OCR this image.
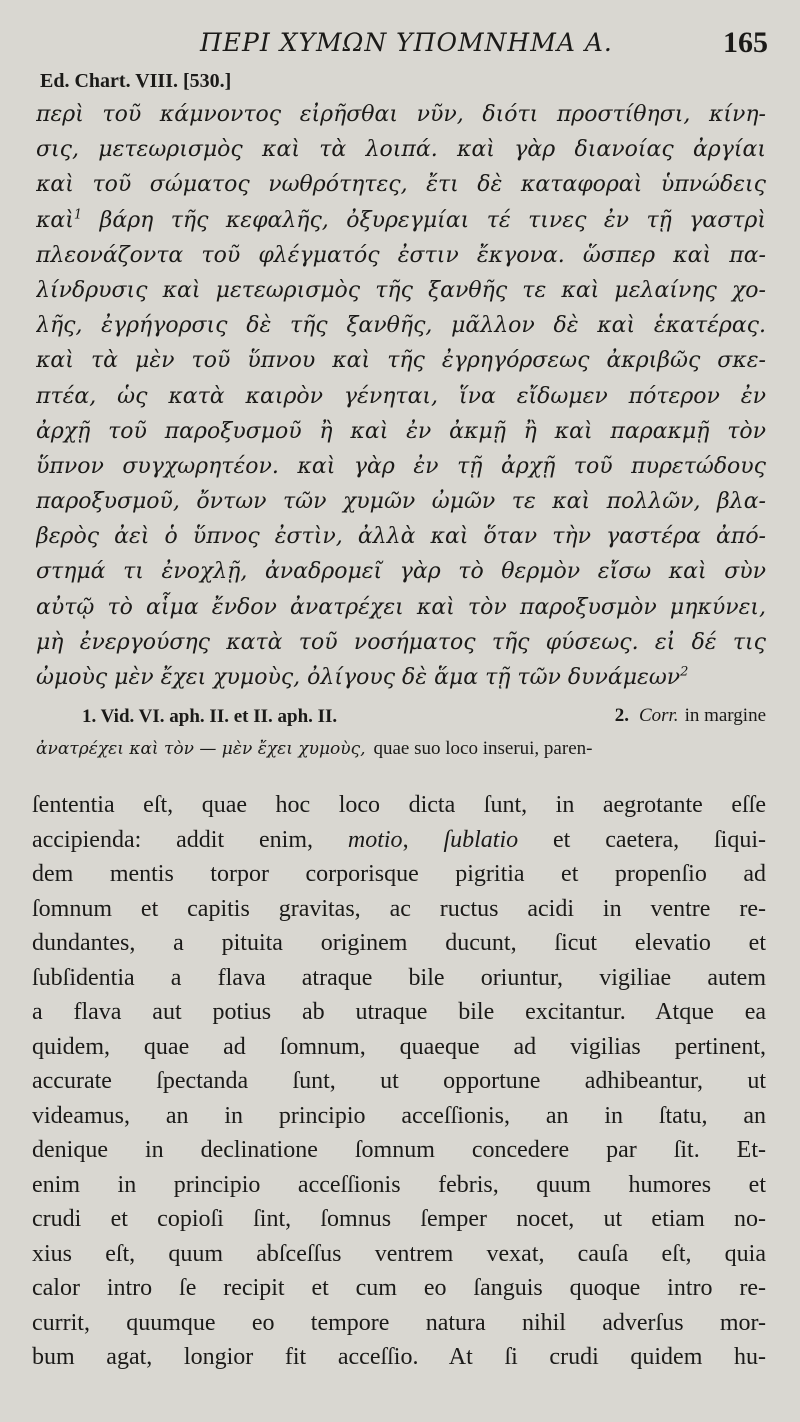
ΠΕΡΙ ΧΥΜΩΝ ΥΠΟΜΝΗΜΑ Α.	165
Ed. Chart. VIII. [530.]
περὶ τοῦ κάμνοντος εἰρῆσθαι νῦν, διότι προστίθησι, κίνη-
σις, μετεωρισμὸς καὶ τὰ λοιπά. καὶ γὰρ διανοίας ἀργίαι
καὶ τοῦ σώματος νωθρότητες, ἔτι δὲ καταφοραὶ ὑπνώδεις
καὶ$^1$ βάρη τῆς κεφαλῆς, ὀξυρεγμίαι τέ τινες ἐν τῇ γαστρὶ
πλεονάζοντα τοῦ φλέγματός ἐστιν ἔκγονα. ὥσπερ καὶ πα-
λίνδρυσις καὶ μετεωρισμὸς τῆς ξανθῆς τε καὶ μελαίνης χο-
λῆς, ἐγρήγορσις δὲ τῆς ξανθῆς, μᾶλλον δὲ καὶ ἑκατέρας.
καὶ τὰ μὲν τοῦ ὕπνου καὶ τῆς ἐγρηγόρσεως ἀκριβῶς σκε-
πτέα, ὡς κατὰ καιρὸν γένηται, ἵνα εἴδωμεν πότερον ἐν
ἀρχῇ τοῦ παροξυσμοῦ ἢ καὶ ἐν ἀκμῇ ἢ καὶ παρακμῇ τὸν
ὕπνον συγχωρητέον. καὶ γὰρ ἐν τῇ ἀρχῇ τοῦ πυρετώδους
παροξυσμοῦ, ὄντων τῶν χυμῶν ὠμῶν τε καὶ πολλῶν, βλα-
βερὸς ἀεὶ ὁ ὕπνος ἐστὶν, ἀλλὰ καὶ ὅταν τὴν γαστέρα ἀπό-
στημά τι ἐνοχλῇ, ἀναδρομεῖ γὰρ τὸ θερμὸν εἴσω καὶ σὺν
αὐτῷ τὸ αἷμα ἔνδον ἀνατρέχει καὶ τὸν παροξυσμὸν μηκύνει,
μὴ ἐνεργούσης κατὰ τοῦ νοσήματος τῆς φύσεως. εἰ δέ τις
ὠμοὺς μὲν ἔχει χυμοὺς, ὀλίγους δὲ ἅμα τῇ τῶν δυνάμεων$^2$
1. Vid. VI. aph. II. et II. aph. II.	2. Corr. in margine
ἀνατρέχει καὶ τὸν — μὲν ἔχει χυμοὺς, quae suo loco inserui, paren-
ſententia eſt, quae hoc loco dicta ſunt, in aegrotante eſſe
accipienda: addit enim, motio, ſublatio et caetera, ſiqui-
dem mentis torpor corporisque pigritia et propenſio ad
ſomnum et capitis gravitas, ac ructus acidi in ventre re-
dundantes, a pituita originem ducunt, ſicut elevatio et
ſubſidentia a flava atraque bile oriuntur, vigiliae autem
a flava aut potius ab utraque bile excitantur. Atque ea
quidem, quae ad ſomnum, quaeque ad vigilias pertinent,
accurate ſpectanda ſunt, ut opportune adhibeantur, ut
videamus, an in principio acceſſionis, an in ſtatu, an
denique in declinatione ſomnum concedere par ſit. Et-
enim in principio acceſſionis febris, quum humores et
crudi et copioſi ſint, ſomnus ſemper nocet, ut etiam no-
xius eſt, quum abſceſſus ventrem vexat, cauſa eſt, quia
calor intro ſe recipit et cum eo ſanguis quoque intro re-
currit, quumque eo tempore natura nihil adverſus mor-
bum agat, longior fit acceſſio. At ſi crudi quidem hu-
